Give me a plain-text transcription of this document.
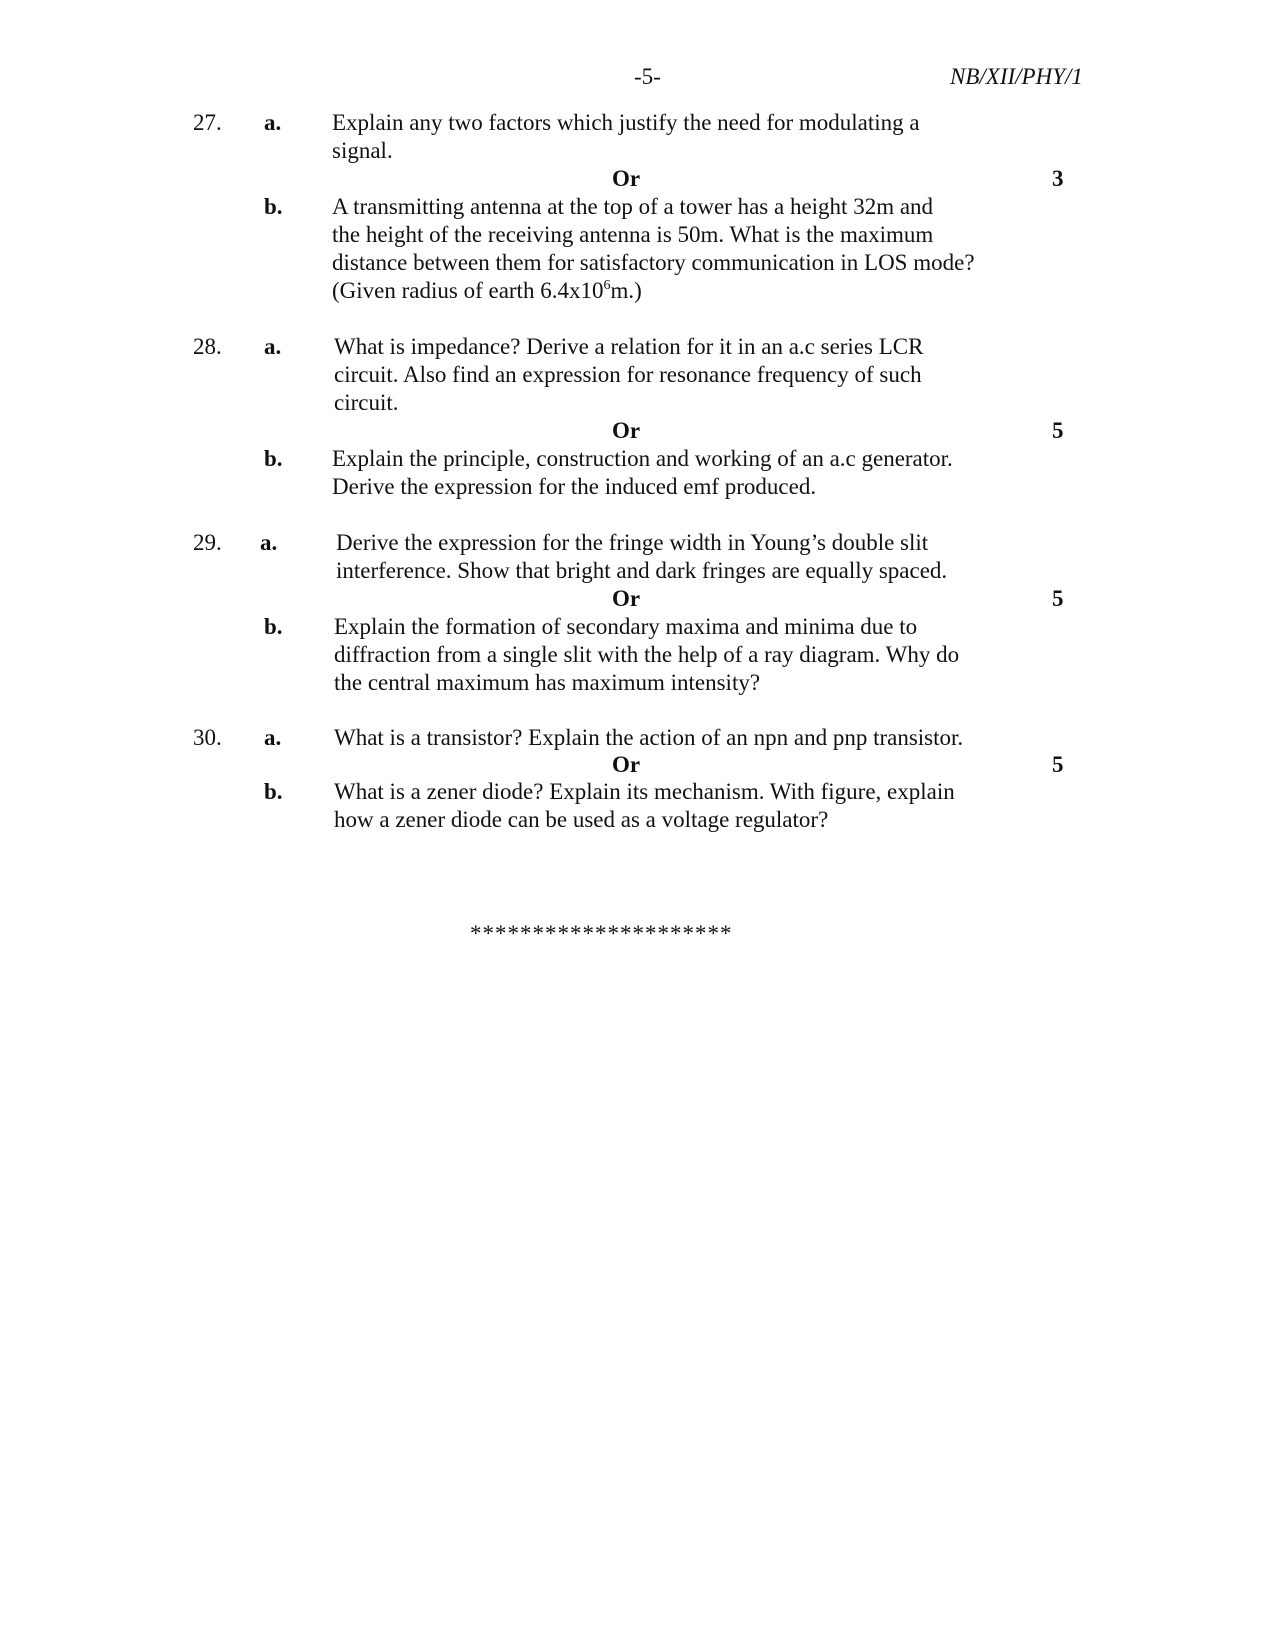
-5-	NB/XII/PHY/1
27. a. Explain any two factors which justify the need for modulating a
signal.
Or	3
b. A transmitting antenna at the top of a tower has a height 32m and
the height of the receiving antenna is 50m. What is the maximum
distance between them for satisfactory communication in LOS mode?
(Given radius of earth $6.4x10^6m$.)
28. a. What is impedance? Derive a relation for it in an a.c series LCR
circuit. Also find an expression for resonance frequency of such
circuit.
Or	5
b. Explain the principle, construction and working of an a.c generator.
Derive the expression for the induced emf produced.
29. a.	Derive the expression for the fringe width in Young’s double slit
interference. Show that bright and dark fringes are equally spaced.
Or	5
b. Explain the formation of secondary maxima and minima due to
diffraction from a single slit with the help of a ray diagram. Why do
the central maximum has maximum intensity?
30. a. What is a transistor? Explain the action of an npn and pnp transistor.
Or	5
b. What is a zener diode? Explain its mechanism. With figure, explain
how a zener diode can be used as a voltage regulator?
*********************
